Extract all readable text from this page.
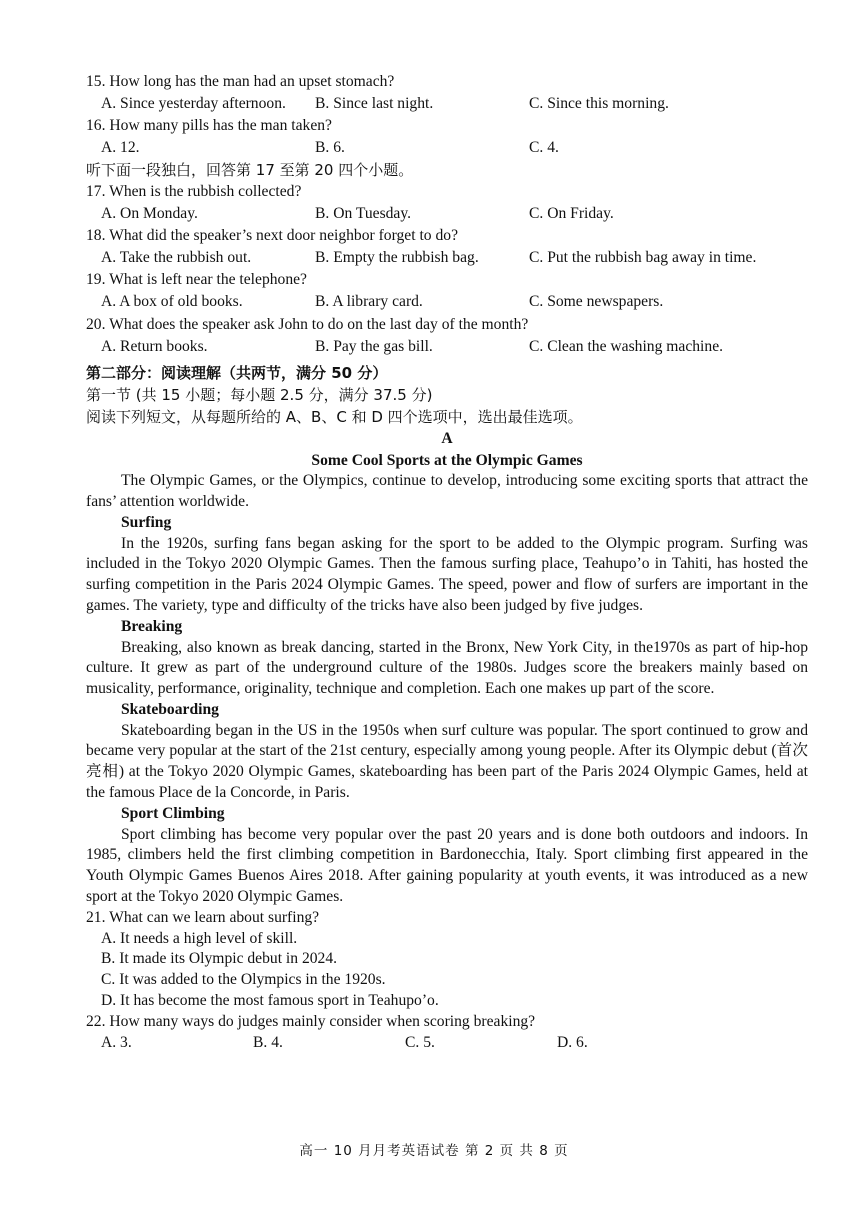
15. How long has the man had an upset stomach?
A. Since yesterday afternoon.	B. Since last night.	C. Since this morning.
16. How many pills has the man taken?
A. 12.	B. 6.	C. 4.
听下面一段独白，回答第 17 至第 20 四个小题。
17. When is the rubbish collected?
A. On Monday.	B. On Tuesday.	C. On Friday.
18. What did the speaker’s next door neighbor forget to do?
A. Take the rubbish out.	B. Empty the rubbish bag.	C. Put the rubbish bag away in time.
19. What is left near the telephone?
A. A box of old books.	B. A library card.	C. Some newspapers.
20. What does the speaker ask John to do on the last day of the month?
A. Return books.	B. Pay the gas bill.	C. Clean the washing machine.
第二部分：阅读理解（共两节，满分 50 分）
第一节 (共 15 小题；每小题 2.5 分，满分 37.5 分)
阅读下列短文，从每题所给的 A、B、C 和 D 四个选项中，选出最佳选项。
A
Some Cool Sports at the Olympic Games

The Olympic Games, or the Olympics, continue to develop, introducing some exciting sports that attract the fans’ attention worldwide.

Surfing

In the 1920s, surfing fans began asking for the sport to be added to the Olympic program. Surfing was included in the Tokyo 2020 Olympic Games. Then the famous surfing place, Teahupo’o in Tahiti, has hosted the surfing competition in the Paris 2024 Olympic Games. The speed, power and flow of surfers are important in the games. The variety, type and difficulty of the tricks have also been judged by five judges.

Breaking

Breaking, also known as break dancing, started in the Bronx, New York City, in the1970s as part of hip-hop culture. It grew as part of the underground culture of the 1980s. Judges score the breakers mainly based on musicality, performance, originality, technique and completion. Each one makes up part of the score.

Skateboarding

Skateboarding began in the US in the 1950s when surf culture was popular. The sport continued to grow and became very popular at the start of the 21st century, especially among young people. After its Olympic debut (首次亮相) at the Tokyo 2020 Olympic Games, skateboarding has been part of the Paris 2024 Olympic Games, held at the famous Place de la Concorde, in Paris.

Sport Climbing

Sport climbing has become very popular over the past 20 years and is done both outdoors and indoors. In 1985, climbers held the first climbing competition in Bardonecchia, Italy. Sport climbing first appeared in the Youth Olympic Games Buenos Aires 2018. After gaining popularity at youth events, it was introduced as a new sport at the Tokyo 2020 Olympic Games.

21. What can we learn about surfing?
A. It needs a high level of skill.
B. It made its Olympic debut in 2024.
C. It was added to the Olympics in the 1920s.
D. It has become the most famous sport in Teahupo’o.
22. How many ways do judges mainly consider when scoring breaking?
A. 3.	B. 4.	C. 5.	D. 6.
高一 10 月月考英语试卷 第 2 页 共 8 页
